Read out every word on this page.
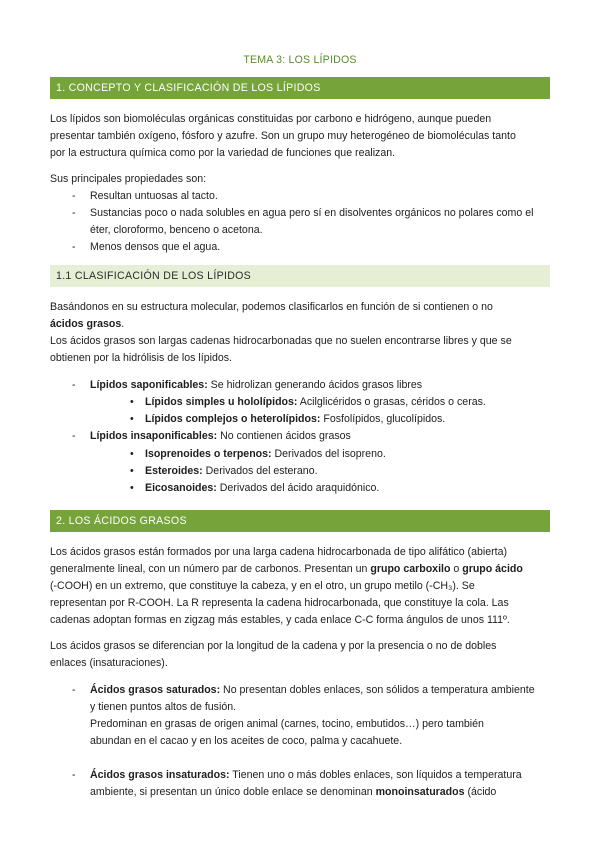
TEMA 3: LOS LÍPIDOS
1. CONCEPTO Y CLASIFICACIÓN DE LOS LÍPIDOS
Los lípidos son biomoléculas orgánicas constituidas por carbono e hidrógeno, aunque pueden
presentar también oxígeno, fósforo y azufre. Son un grupo muy heterogéneo de biomoléculas tanto
por la estructura química como por la variedad de funciones que realizan.
Sus principales propiedades son:
- Resultan untuosas al tacto.
- Sustancias poco o nada solubles en agua pero sí en disolventes orgánicos no polares como el
éter, cloroformo, benceno o acetona.
- Menos densos que el agua.
1.1 CLASIFICACIÓN DE LOS LÍPIDOS
Basándonos en su estructura molecular, podemos clasificarlos en función de si contienen o no
ácidos grasos.
Los ácidos grasos son largas cadenas hidrocarbonadas que no suelen encontrarse libres y que se
obtienen por la hidrólisis de los lípidos.
- Lípidos saponificables: Se hidrolizan generando ácidos grasos libres
• Lípidos simples u hololípidos: Acilglicéridos o grasas, céridos o ceras.
• Lípidos complejos o heterolípidos: Fosfolípidos, glucolípidos.
- Lípidos insaponificables: No contienen ácidos grasos
• Isoprenoides o terpenos: Derivados del isopreno.
• Esteroides: Derivados del esterano.
• Eicosanoides: Derivados del ácido araquidónico.
2. LOS ÁCIDOS GRASOS
Los ácidos grasos están formados por una larga cadena hidrocarbonada de tipo alifático (abierta)
generalmente lineal, con un número par de carbonos. Presentan un grupo carboxilo o grupo ácido
(-COOH) en un extremo, que constituye la cabeza, y en el otro, un grupo metilo (-CH₃). Se
representan por R-COOH. La R representa la cadena hidrocarbonada, que constituye la cola. Las
cadenas adoptan formas en zigzag más estables, y cada enlace C-C forma ángulos de unos 111º.
Los ácidos grasos se diferencian por la longitud de la cadena y por la presencia o no de dobles
enlaces (insaturaciones).
- Ácidos grasos saturados: No presentan dobles enlaces, son sólidos a temperatura ambiente
y tienen puntos altos de fusión.
Predominan en grasas de origen animal (carnes, tocino, embutidos…) pero también
abundan en el cacao y en los aceites de coco, palma y cacahuete.
- Ácidos grasos insaturados: Tienen uno o más dobles enlaces, son líquidos a temperatura
ambiente, si presentan un único doble enlace se denominan monoinsaturados (ácido
